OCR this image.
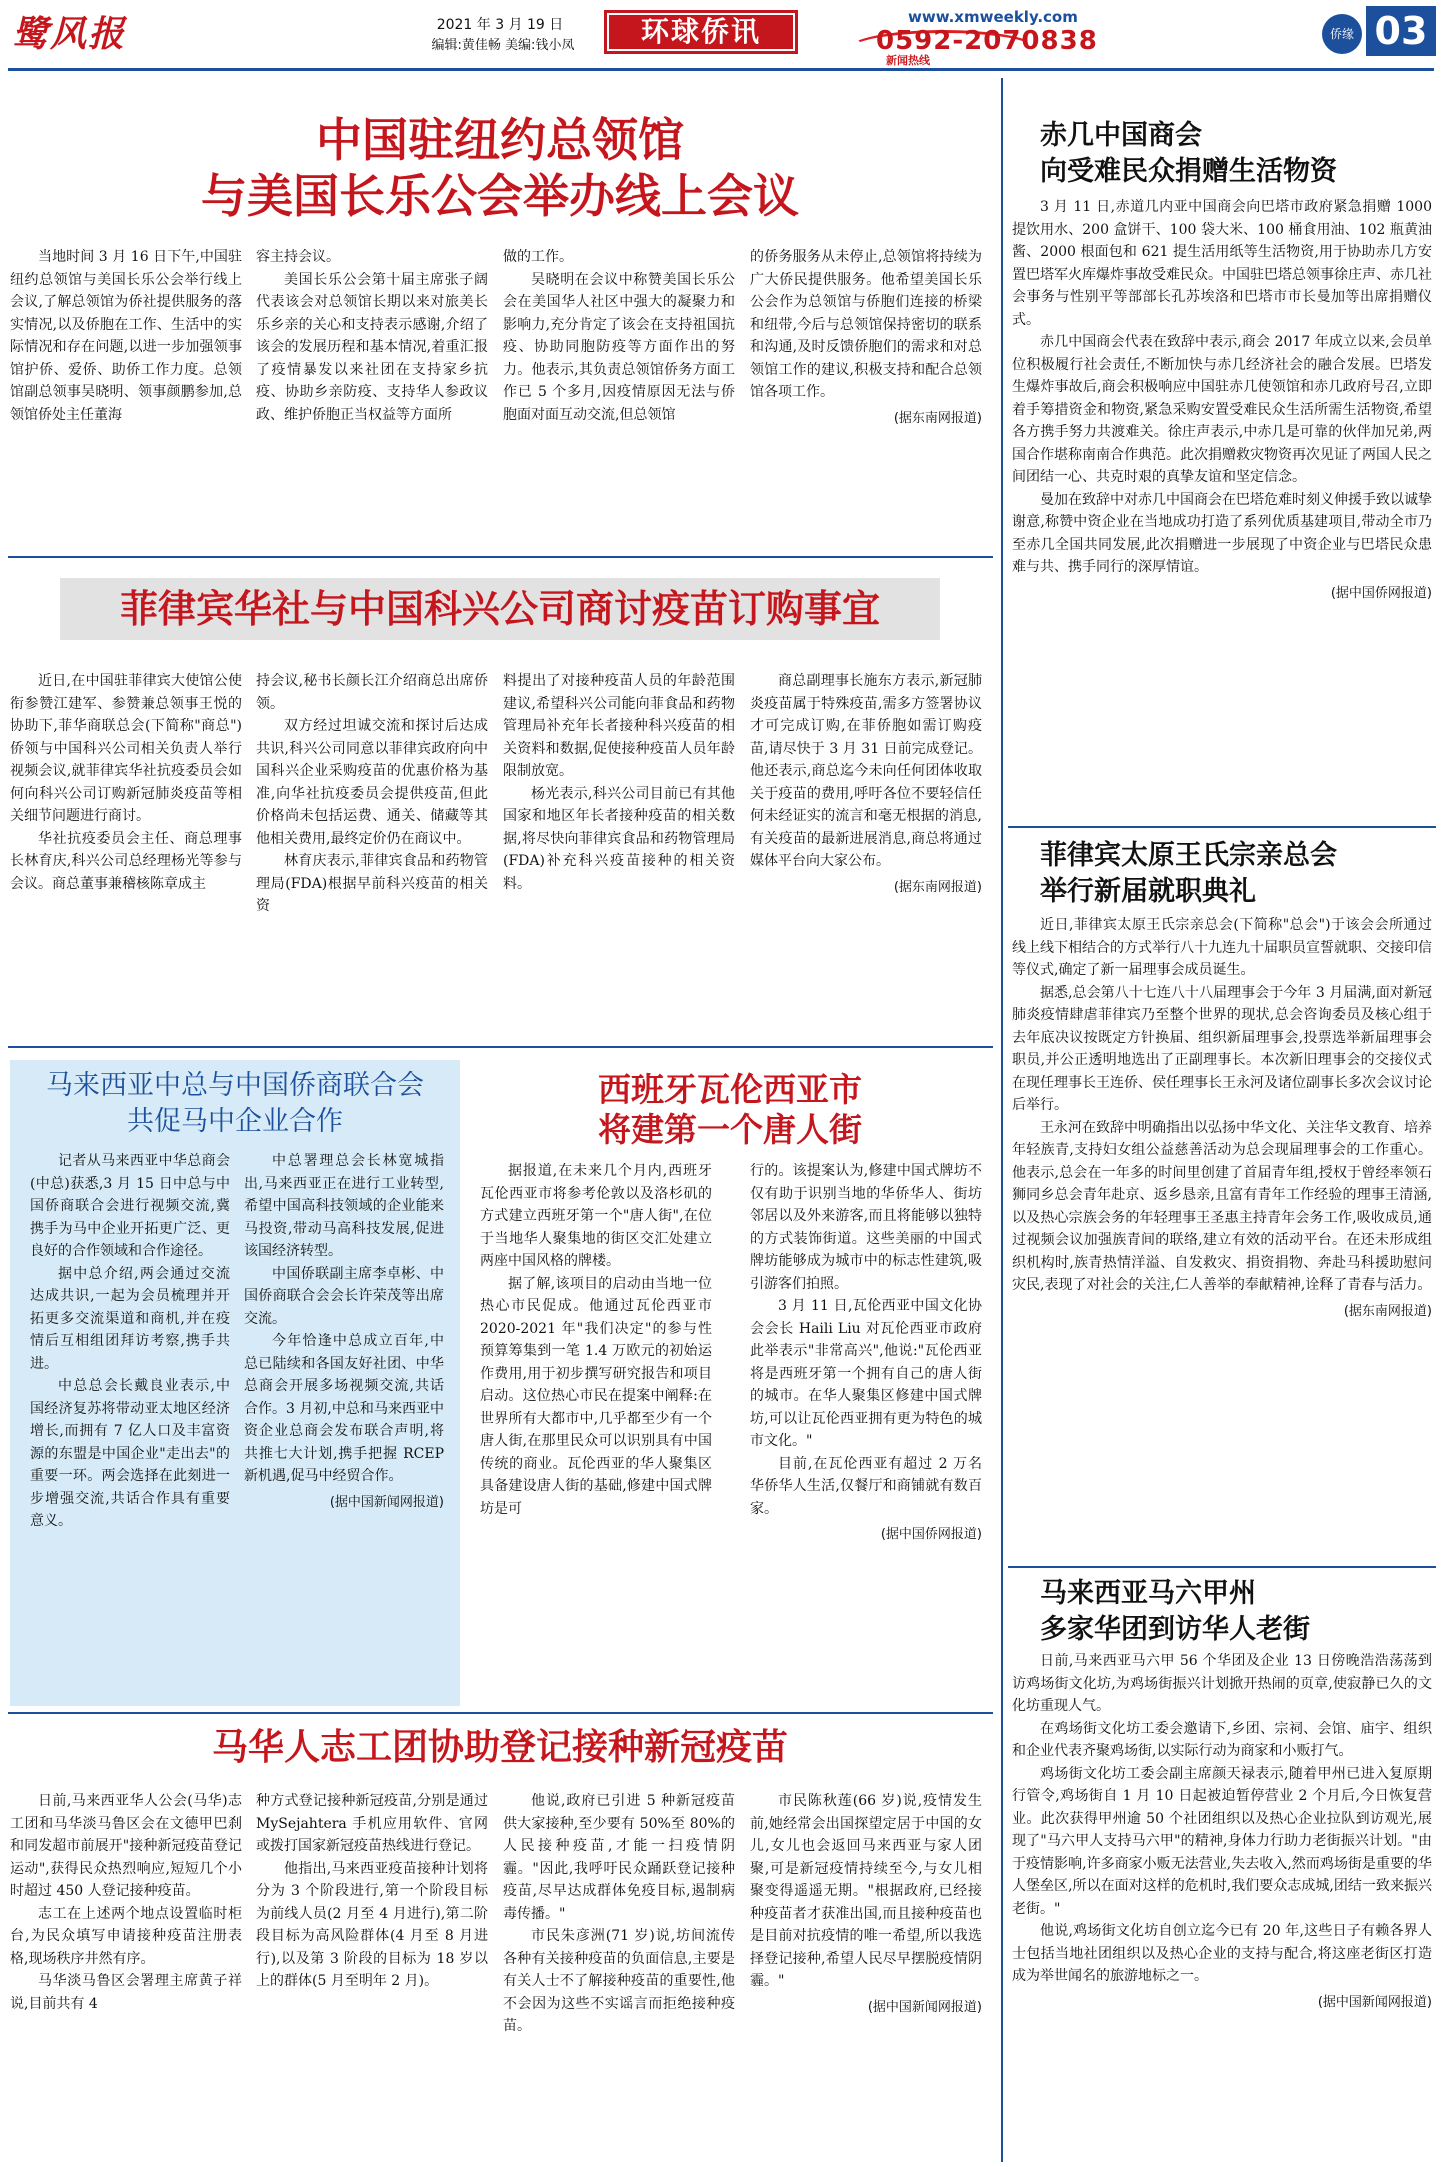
鹭风报	2021 年 3 月 19 日
编辑:黄佳畅 美编:钱小凤	环球侨讯	www.xmweekly.com
0592-2070838
新闻热线
侨缘 03
中国驻纽约总领馆
与美国长乐公会举办线上会议

当地时间 3 月 16 日下午,中国驻纽约总领馆与美国长乐公会举行线上会议,了解总领馆为侨社提供服务的落实情况,以及侨胞在工作、生活中的实际情况和存在问题,以进一步加强领事馆护侨、爱侨、助侨工作力度。总领馆副总领事吴晓明、领事颜鹏参加,总领馆侨处主任董海

容主持会议。

美国长乐公会第十届主席张子阔代表该会对总领馆长期以来对旅美长乐乡亲的关心和支持表示感谢,介绍了该会的发展历程和基本情况,着重汇报了疫情暴发以来社团在支持家乡抗疫、协助乡亲防疫、支持华人参政议政、维护侨胞正当权益等方面所

做的工作。

吴晓明在会议中称赞美国长乐公会在美国华人社区中强大的凝聚力和影响力,充分肯定了该会在支持祖国抗疫、协助同胞防疫等方面作出的努力。他表示,其负责总领馆侨务方面工作已 5 个多月,因疫情原因无法与侨胞面对面互动交流,但总领馆

的侨务服务从未停止,总领馆将持续为广大侨民提供服务。他希望美国长乐公会作为总领馆与侨胞们连接的桥梁和纽带,今后与总领馆保持密切的联系和沟通,及时反馈侨胞们的需求和对总领馆工作的建议,积极支持和配合总领馆各项工作。

(据东南网报道)

菲律宾华社与中国科兴公司商讨疫苗订购事宜

近日,在中国驻菲律宾大使馆公使衔参赞江建军、参赞兼总领事王悦的协助下,菲华商联总会(下简称"商总")侨领与中国科兴公司相关负责人举行视频会议,就菲律宾华社抗疫委员会如何向科兴公司订购新冠肺炎疫苗等相关细节问题进行商讨。

华社抗疫委员会主任、商总理事长林育庆,科兴公司总经理杨光等参与会议。商总董事兼稽核陈章成主

持会议,秘书长颜长江介绍商总出席侨领。

双方经过坦诚交流和探讨后达成共识,科兴公司同意以菲律宾政府向中国科兴企业采购疫苗的优惠价格为基准,向华社抗疫委员会提供疫苗,但此价格尚未包括运费、通关、储藏等其他相关费用,最终定价仍在商议中。

林育庆表示,菲律宾食品和药物管理局(FDA)根据早前科兴疫苗的相关资

料提出了对接种疫苗人员的年龄范围建议,希望科兴公司能向菲食品和药物管理局补充年长者接种科兴疫苗的相关资料和数据,促使接种疫苗人员年龄限制放宽。

杨光表示,科兴公司目前已有其他国家和地区年长者接种疫苗的相关数据,将尽快向菲律宾食品和药物管理局(FDA)补充科兴疫苗接种的相关资料。

商总副理事长施东方表示,新冠肺炎疫苗属于特殊疫苗,需多方签署协议才可完成订购,在菲侨胞如需订购疫苗,请尽快于 3 月 31 日前完成登记。他还表示,商总迄今未向任何团体收取关于疫苗的费用,呼吁各位不要轻信任何未经证实的流言和毫无根据的消息,有关疫苗的最新进展消息,商总将通过媒体平台向大家公布。

(据东南网报道)

马来西亚中总与中国侨商联合会
共促马中企业合作

记者从马来西亚中华总商会(中总)获悉,3 月 15 日中总与中国侨商联合会进行视频交流,冀携手为马中企业开拓更广泛、更良好的合作领域和合作途径。

据中总介绍,两会通过交流达成共识,一起为会员梳理并开拓更多交流渠道和商机,并在疫情后互相组团拜访考察,携手共进。

中总总会长戴良业表示,中国经济复苏将带动亚太地区经济增长,而拥有 7 亿人口及丰富资源的东盟是中国企业"走出去"的重要一环。两会选择在此刻进一步增强交流,共话合作具有重要意义。

中总署理总会长林宽城指出,马来西亚正在进行工业转型,希望中国高科技领域的企业能来马投资,带动马高科技发展,促进该国经济转型。

中国侨联副主席李卓彬、中国侨商联合会会长许荣茂等出席交流。

今年恰逢中总成立百年,中总已陆续和各国友好社团、中华总商会开展多场视频交流,共话合作。3 月初,中总和马来西亚中资企业总商会发布联合声明,将共推七大计划,携手把握 RCEP 新机遇,促马中经贸合作。

(据中国新闻网报道)

西班牙瓦伦西亚市
将建第一个唐人街

据报道,在未来几个月内,西班牙瓦伦西亚市将参考伦敦以及洛杉矶的方式建立西班牙第一个"唐人街",在位于当地华人聚集地的街区交汇处建立两座中国风格的牌楼。

据了解,该项目的启动由当地一位热心市民促成。他通过瓦伦西亚市 2020-2021 年"我们决定"的参与性预算筹集到一笔 1.4 万欧元的初始运作费用,用于初步撰写研究报告和项目启动。这位热心市民在提案中阐释:在世界所有大都市中,几乎都至少有一个唐人街,在那里民众可以识别具有中国传统的商业。瓦伦西亚的华人聚集区具备建设唐人街的基础,修建中国式牌坊是可

行的。该提案认为,修建中国式牌坊不仅有助于识别当地的华侨华人、街坊邻居以及外来游客,而且将能够以独特的方式装饰街道。这些美丽的中国式牌坊能够成为城市中的标志性建筑,吸引游客们拍照。

3 月 11 日,瓦伦西亚中国文化协会会长 Haili Liu 对瓦伦西亚市政府此举表示"非常高兴",他说:"瓦伦西亚将是西班牙第一个拥有自己的唐人街的城市。在华人聚集区修建中国式牌坊,可以让瓦伦西亚拥有更为特色的城市文化。"

目前,在瓦伦西亚有超过 2 万名华侨华人生活,仅餐厅和商铺就有数百家。

(据中国侨网报道)

马华人志工团协助登记接种新冠疫苗

日前,马来西亚华人公会(马华)志工团和马华淡马鲁区会在文德甲巴刹和同发超市前展开"接种新冠疫苗登记运动",获得民众热烈响应,短短几个小时超过 450 人登记接种疫苗。

志工在上述两个地点设置临时柜台,为民众填写申请接种疫苗注册表格,现场秩序井然有序。

马华淡马鲁区会署理主席黄子祥说,目前共有 4

种方式登记接种新冠疫苗,分别是通过 MySejahtera 手机应用软件、官网或拨打国家新冠疫苗热线进行登记。

他指出,马来西亚疫苗接种计划将分为 3 个阶段进行,第一个阶段目标为前线人员(2 月至 4 月进行),第二阶段目标为高风险群体(4 月至 8 月进行),以及第 3 阶段的目标为 18 岁以上的群体(5 月至明年 2 月)。

他说,政府已引进 5 种新冠疫苗供大家接种,至少要有 50%至 80%的人民接种疫苗,才能一扫疫情阴霾。"因此,我呼吁民众踊跃登记接种疫苗,尽早达成群体免疫目标,遏制病毒传播。"

市民朱彦洲(71 岁)说,坊间流传各种有关接种疫苗的负面信息,主要是有关人士不了解接种疫苗的重要性,他不会因为这些不实谣言而拒绝接种疫苗。

市民陈秋莲(66 岁)说,疫情发生前,她经常会出国探望定居于中国的女儿,女儿也会返回马来西亚与家人团聚,可是新冠疫情持续至今,与女儿相聚变得遥遥无期。"根据政府,已经接种疫苗者才获准出国,而且接种疫苗也是目前对抗疫情的唯一希望,所以我选择登记接种,希望人民尽早摆脱疫情阴霾。"

(据中国新闻网报道)

赤几中国商会
向受难民众捐赠生活物资

3 月 11 日,赤道几内亚中国商会向巴塔市政府紧急捐赠 1000 提饮用水、200 盒饼干、100 袋大米、100 桶食用油、102 瓶黄油酱、2000 根面包和 621 提生活用纸等生活物资,用于协助赤几方安置巴塔军火库爆炸事故受难民众。中国驻巴塔总领事徐庄声、赤几社会事务与性别平等部部长孔苏埃洛和巴塔市市长曼加等出席捐赠仪式。

赤几中国商会代表在致辞中表示,商会 2017 年成立以来,会员单位积极履行社会责任,不断加快与赤几经济社会的融合发展。巴塔发生爆炸事故后,商会积极响应中国驻赤几使领馆和赤几政府号召,立即着手筹措资金和物资,紧急采购安置受难民众生活所需生活物资,希望各方携手努力共渡难关。徐庄声表示,中赤几是可靠的伙伴加兄弟,两国合作堪称南南合作典范。此次捐赠救灾物资再次见证了两国人民之间团结一心、共克时艰的真挚友谊和坚定信念。

曼加在致辞中对赤几中国商会在巴塔危难时刻义伸援手致以诚挚谢意,称赞中资企业在当地成功打造了系列优质基建项目,带动全市乃至赤几全国共同发展,此次捐赠进一步展现了中资企业与巴塔民众患难与共、携手同行的深厚情谊。

(据中国侨网报道)

菲律宾太原王氏宗亲总会
举行新届就职典礼

近日,菲律宾太原王氏宗亲总会(下简称"总会")于该会会所通过线上线下相结合的方式举行八十九连九十届职员宣誓就职、交接印信等仪式,确定了新一届理事会成员诞生。

据悉,总会第八十七连八十八届理事会于今年 3 月届满,面对新冠肺炎疫情肆虐菲律宾乃至整个世界的现状,总会咨询委员及核心组于去年底决议按既定方针换届、组织新届理事会,投票选举新届理事会职员,并公正透明地选出了正副理事长。本次新旧理事会的交接仪式在现任理事长王连侨、侯任理事长王永河及诸位副事长多次会议讨论后举行。

王永河在致辞中明确指出以弘扬中华文化、关注华文教育、培养年轻族青,支持妇女组公益慈善活动为总会现届理事会的工作重心。他表示,总会在一年多的时间里创建了首届青年组,授权于曾经率领石狮同乡总会青年赴京、返乡恳亲,且富有青年工作经验的理事王清涵,以及热心宗族会务的年轻理事王圣惠主持青年会务工作,吸收成员,通过视频会议加强族青间的联络,建立有效的活动平台。在还未形成组织机构时,族青热情洋溢、自发救灾、捐资捐物、奔赴马科援助慰问灾民,表现了对社会的关注,仁人善举的奉献精神,诠释了青春与活力。

(据东南网报道)

马来西亚马六甲州
多家华团到访华人老街

日前,马来西亚马六甲 56 个华团及企业 13 日傍晚浩浩荡荡到访鸡场街文化坊,为鸡场街振兴计划掀开热闹的页章,使寂静已久的文化坊重现人气。

在鸡场街文化坊工委会邀请下,乡团、宗祠、会馆、庙宇、组织和企业代表齐聚鸡场街,以实际行动为商家和小贩打气。

鸡场街文化坊工委会副主席颜天禄表示,随着甲州已进入复原期行管令,鸡场街自 1 月 10 日起被迫暂停营业 2 个月后,今日恢复营业。此次获得甲州逾 50 个社团组织以及热心企业拉队到访观光,展现了"马六甲人支持马六甲"的精神,身体力行助力老街振兴计划。"由于疫情影响,许多商家小贩无法营业,失去收入,然而鸡场街是重要的华人堡垒区,所以在面对这样的危机时,我们要众志成城,团结一致来振兴老街。"

他说,鸡场街文化坊自创立迄今已有 20 年,这些日子有赖各界人士包括当地社团组织以及热心企业的支持与配合,将这座老街区打造成为举世闻名的旅游地标之一。

(据中国新闻网报道)
